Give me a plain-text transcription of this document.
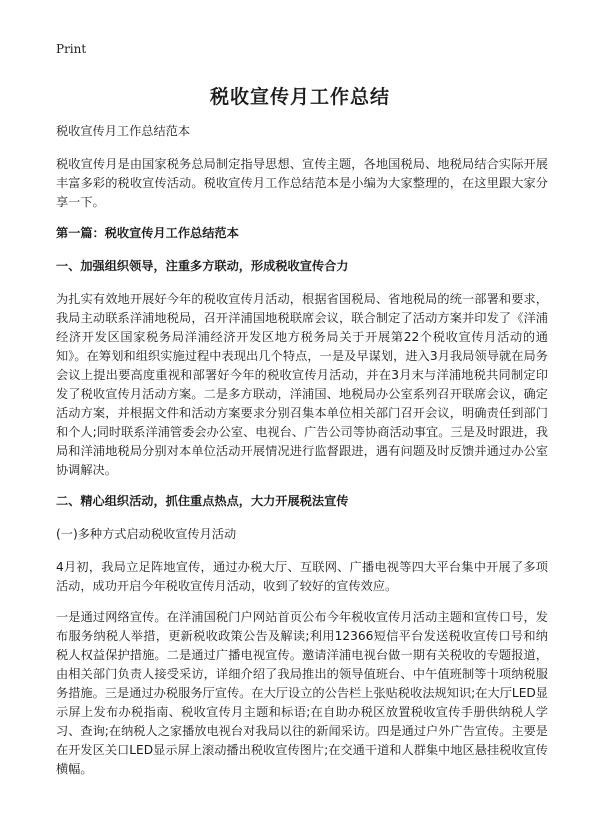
Print
税收宣传月工作总结

税收宣传月工作总结范本

税收宣传月是由国家税务总局制定指导思想、宣传主题，各地国税局、地税局结合实际开展丰富多彩的税收宣传活动。税收宣传月工作总结范本是小编为大家整理的，在这里跟大家分享一下。

第一篇：税收宣传月工作总结范本
一、加强组织领导，注重多方联动，形成税收宣传合力

为扎实有效地开展好今年的税收宣传月活动，根据省国税局、省地税局的统一部署和要求，我局主动联系洋浦地税局，召开洋浦国地税联席会议，联合制定了活动方案并印发了《洋浦经济开发区国家税务局洋浦经济开发区地方税务局关于开展第22个税收宣传月活动的通知》。在筹划和组织实施过程中表现出几个特点，一是及早谋划，进入3月我局领导就在局务会议上提出要高度重视和部署好今年的税收宣传月活动，并在3月末与洋浦地税共同制定印发了税收宣传月活动方案。二是多方联动，洋浦国、地税局办公室系列召开联席会议，确定活动方案，并根据文件和活动方案要求分别召集本单位相关部门召开会议，明确责任到部门和个人;同时联系洋浦管委会办公室、电视台、广告公司等协商活动事宜。三是及时跟进，我局和洋浦地税局分别对本单位活动开展情况进行监督跟进，遇有问题及时反馈并通过办公室协调解决。

二、精心组织活动，抓住重点热点，大力开展税法宣传

(一)多种方式启动税收宣传月活动

4月初，我局立足阵地宣传，通过办税大厅、互联网、广播电视等四大平台集中开展了多项活动，成功开启今年税收宣传月活动，收到了较好的宣传效应。

一是通过网络宣传。在洋浦国税门户网站首页公布今年税收宣传月活动主题和宣传口号，发布服务纳税人举措，更新税收政策公告及解读;利用12366短信平台发送税收宣传口号和纳税人权益保护措施。二是通过广播电视宣传。邀请洋浦电视台做一期有关税收的专题报道，由相关部门负责人接受采访，详细介绍了我局推出的领导值班台、中午值班制等十项纳税服务措施。三是通过办税服务厅宣传。在大厅设立的公告栏上张贴税收法规知识;在大厅LED显示屏上发布办税指南、税收宣传月主题和标语;在自助办税区放置税收宣传手册供纳税人学习、查询;在纳税人之家播放电视台对我局以往的新闻采访。四是通过户外广告宣传。主要是在开发区关口LED显示屏上滚动播出税收宣传图片;在交通干道和人群集中地区悬挂税收宣传横幅。
